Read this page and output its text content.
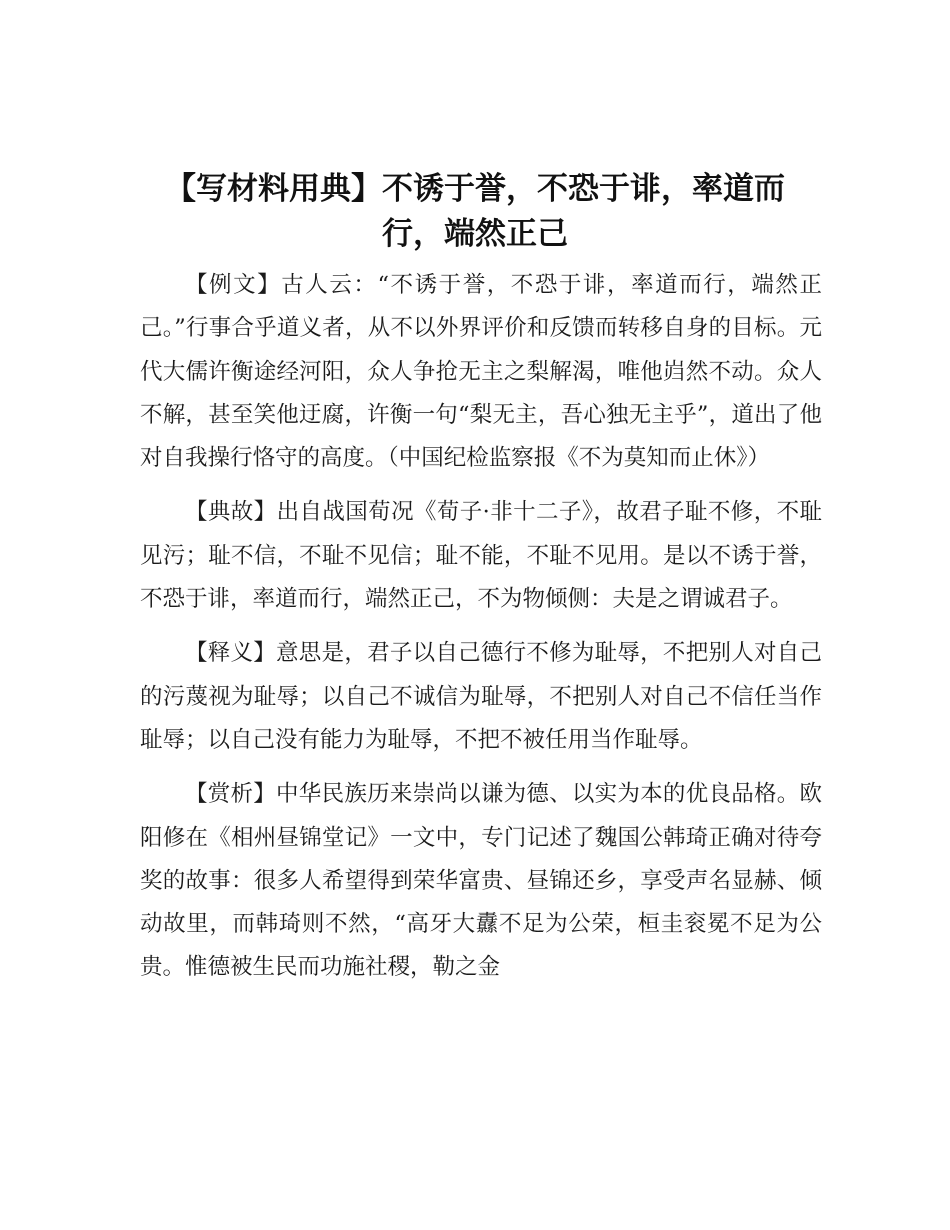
【写材料用典】不诱于誉，不恐于诽，率道而行，端然正己

【例文】古人云：“不诱于誉，不恐于诽，率道而行，端然正己。”行事合乎道义者，从不以外界评价和反馈而转移自身的目标。元代大儒许衡途经河阳，众人争抢无主之梨解渴，唯他岿然不动。众人不解，甚至笑他迂腐，许衡一句“梨无主，吾心独无主乎”，道出了他对自我操行恪守的高度。（中国纪检监察报《不为莫知而止休》）

【典故】出自战国荀况《荀子·非十二子》，故君子耻不修，不耻见污；耻不信，不耻不见信；耻不能，不耻不见用。是以不诱于誉，不恐于诽，率道而行，端然正己，不为物倾侧：夫是之谓诚君子。

【释义】意思是，君子以自己德行不修为耻辱，不把别人对自己的污蔑视为耻辱；以自己不诚信为耻辱，不把别人对自己不信任当作耻辱；以自己没有能力为耻辱，不把不被任用当作耻辱。

【赏析】中华民族历来崇尚以谦为德、以实为本的优良品格。欧阳修在《相州昼锦堂记》一文中，专门记述了魏国公韩琦正确对待夸奖的故事：很多人希望得到荣华富贵、昼锦还乡，享受声名显赫、倾动故里，而韩琦则不然，“高牙大纛不足为公荣，桓圭衮冕不足为公贵。惟德被生民而功施社稷，勒之金
